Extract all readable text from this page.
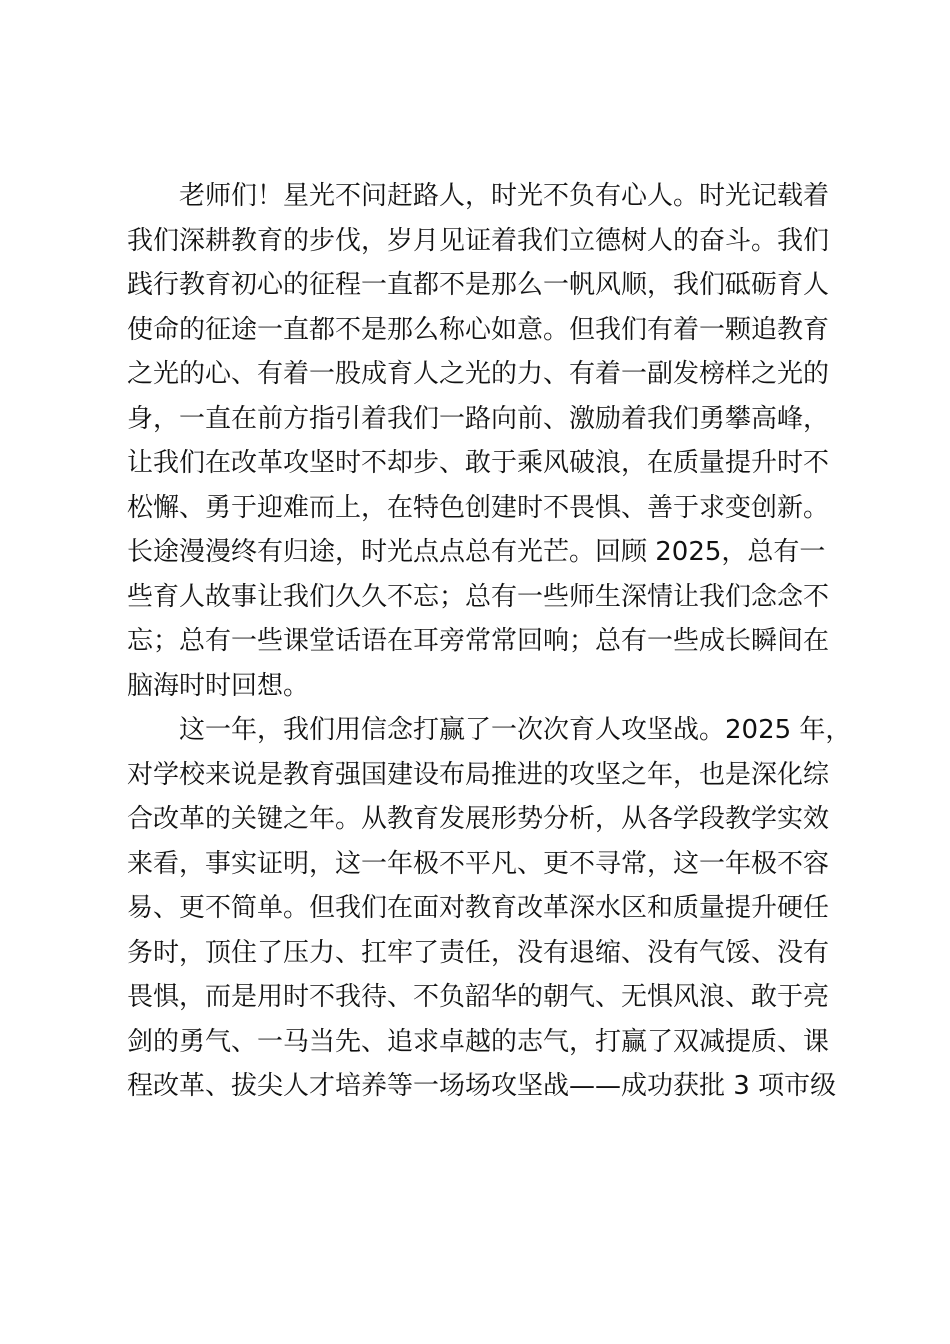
老师们！星光不问赶路人，时光不负有心人。时光记载着
我们深耕教育的步伐，岁月见证着我们立德树人的奋斗。我们
践行教育初心的征程一直都不是那么一帆风顺，我们砥砺育人
使命的征途一直都不是那么称心如意。但我们有着一颗追教育
之光的心、有着一股成育人之光的力、有着一副发榜样之光的
身，一直在前方指引着我们一路向前、激励着我们勇攀高峰，
让我们在改革攻坚时不却步、敢于乘风破浪，在质量提升时不
松懈、勇于迎难而上，在特色创建时不畏惧、善于求变创新。
长途漫漫终有归途，时光点点总有光芒。回顾 2025，总有一
些育人故事让我们久久不忘；总有一些师生深情让我们念念不
忘；总有一些课堂话语在耳旁常常回响；总有一些成长瞬间在
脑海时时回想。
这一年，我们用信念打赢了一次次育人攻坚战。2025 年，
对学校来说是教育强国建设布局推进的攻坚之年，也是深化综
合改革的关键之年。从教育发展形势分析，从各学段教学实效
来看，事实证明，这一年极不平凡、更不寻常，这一年极不容
易、更不简单。但我们在面对教育改革深水区和质量提升硬任
务时，顶住了压力、扛牢了责任，没有退缩、没有气馁、没有
畏惧，而是用时不我待、不负韶华的朝气、无惧风浪、敢于亮
剑的勇气、一马当先、追求卓越的志气，打赢了双减提质、课
程改革、拔尖人才培养等一场场攻坚战——成功获批 3 项市级
